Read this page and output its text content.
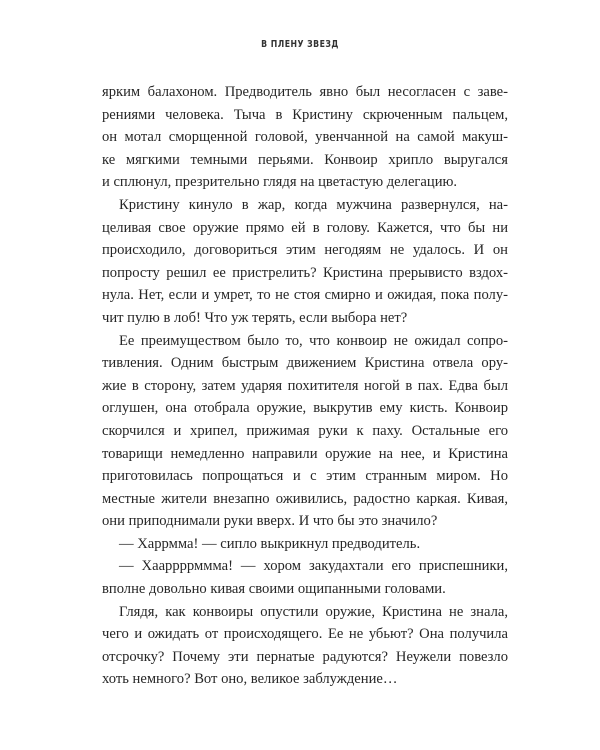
В ПЛЕНУ ЗВЕЗД
ярким балахоном. Предводитель явно был несогласен с заве-
рениями человека. Тыча в Кристину скрюченным пальцем,
он мотал сморщенной головой, увенчанной на самой макуш-
ке мягкими темными перьями. Конвоир хрипло выругался
и сплюнул, презрительно глядя на цветастую делегацию.
Кристину кинуло в жар, когда мужчина развернулся, на-
целивая свое оружие прямо ей в голову. Кажется, что бы ни
происходило, договориться этим негодяям не удалось. И он
попросту решил ее пристрелить? Кристина прерывисто вздох-
нула. Нет, если и умрет, то не стоя смирно и ожидая, пока полу-
чит пулю в лоб! Что уж терять, если выбора нет?
Ее преимуществом было то, что конвоир не ожидал сопро-
тивления. Одним быстрым движением Кристина отвела ору-
жие в сторону, затем ударяя похитителя ногой в пах. Едва был
оглушен, она отобрала оружие, выкрутив ему кисть. Конвоир
скорчился и хрипел, прижимая руки к паху. Остальные его
товарищи немедленно направили оружие на нее, и Кристина
приготовилась попрощаться и с этим странным миром. Но
местные жители внезапно оживились, радостно каркая. Кивая,
они приподнимали руки вверх. И что бы это значило?
— Харрмма! — сипло выкрикнул предводитель.
— Хааррррммма! — хором закудахтали его приспешники,
вполне довольно кивая своими ощипанными головами.
Глядя, как конвоиры опустили оружие, Кристина не знала,
чего и ожидать от происходящего. Ее не убьют? Она получила
отсрочку? Почему эти пернатые радуются? Неужели повезло
хоть немного? Вот оно, великое заблуждение…
